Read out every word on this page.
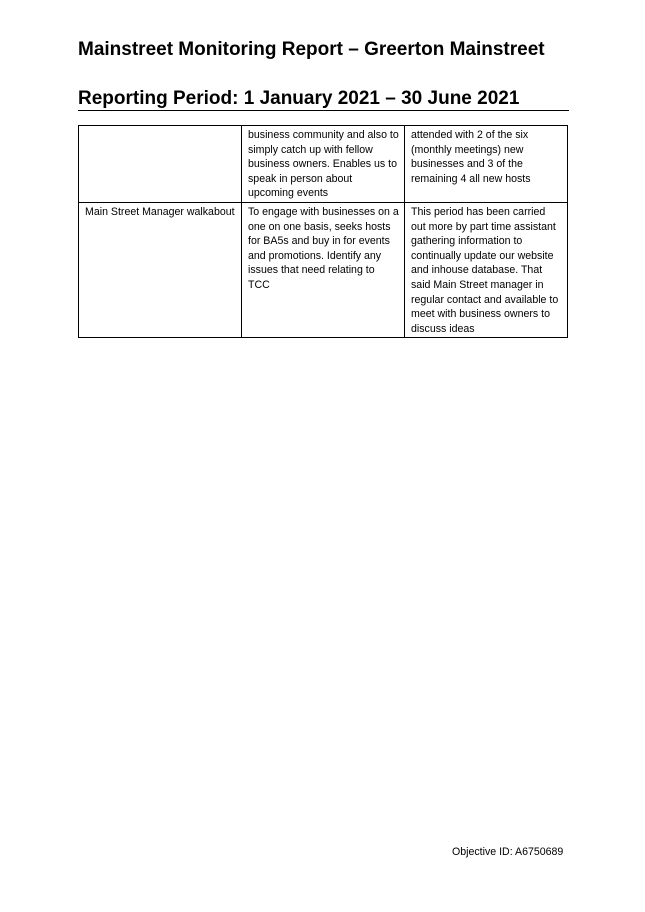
Mainstreet Monitoring Report – Greerton Mainstreet
Reporting Period: 1 January 2021 – 30 June 2021
	business community and also to simply catch up with fellow business owners. Enables us to speak in person about upcoming events	attended with 2 of the six (monthly meetings) new businesses and 3 of the remaining 4 all new hosts
Main Street Manager walkabout	To engage with businesses on a one on one basis, seeks hosts for BA5s and buy in for events and promotions. Identify any issues that need relating to TCC	This period has been carried out more by part time assistant gathering information to continually update our website and inhouse database. That said Main Street manager in regular contact and available to meet with business owners to discuss ideas
Objective ID: A6750689
